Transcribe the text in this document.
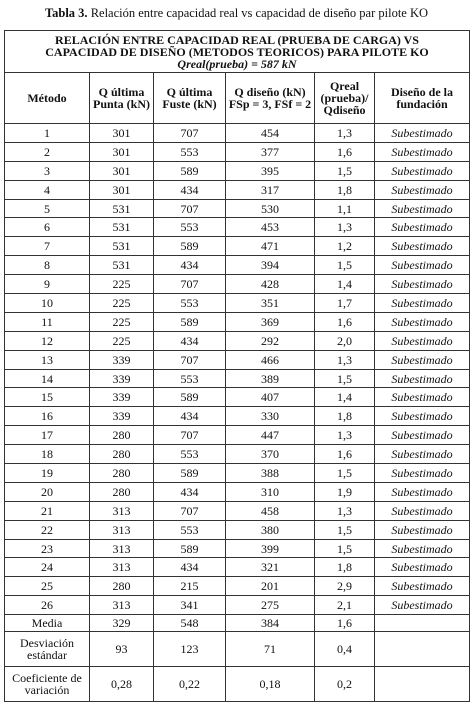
Tabla 3. Relación entre capacidad real vs capacidad de diseño par pilote KO
RELACIÓN ENTRE CAPACIDAD REAL (PRUEBA DE CARGA) VS
CAPACIDAD DE DISEÑO (METODOS TEORICOS) PARA PILOTE KO
Qreal(prueba) = 587 kN					

Método	Q última Punta (kN)	Q última Fuste (kN)	Q diseño (kN) FSp = 3, FSf = 2	Qreal (prueba)/ Qdiseño	Diseño de la fundación
1	301	707	454	1,3	Subestimado
2	301	553	377	1,6	Subestimado
3	301	589	395	1,5	Subestimado
4	301	434	317	1,8	Subestimado
5	531	707	530	1,1	Subestimado
6	531	553	453	1,3	Subestimado
7	531	589	471	1,2	Subestimado
8	531	434	394	1,5	Subestimado
9	225	707	428	1,4	Subestimado
10	225	553	351	1,7	Subestimado
11	225	589	369	1,6	Subestimado
12	225	434	292	2,0	Subestimado
13	339	707	466	1,3	Subestimado
14	339	553	389	1,5	Subestimado
15	339	589	407	1,4	Subestimado
16	339	434	330	1,8	Subestimado
17	280	707	447	1,3	Subestimado
18	280	553	370	1,6	Subestimado
19	280	589	388	1,5	Subestimado
20	280	434	310	1,9	Subestimado
21	313	707	458	1,3	Subestimado
22	313	553	380	1,5	Subestimado
23	313	589	399	1,5	Subestimado
24	313	434	321	1,8	Subestimado
25	280	215	201	2,9	Subestimado
26	313	341	275	2,1	Subestimado
Media	329	548	384	1,6	
Desviación estándar	93	123	71	0,4	
Coeficiente de variación	0,28	0,22	0,18	0,2	
